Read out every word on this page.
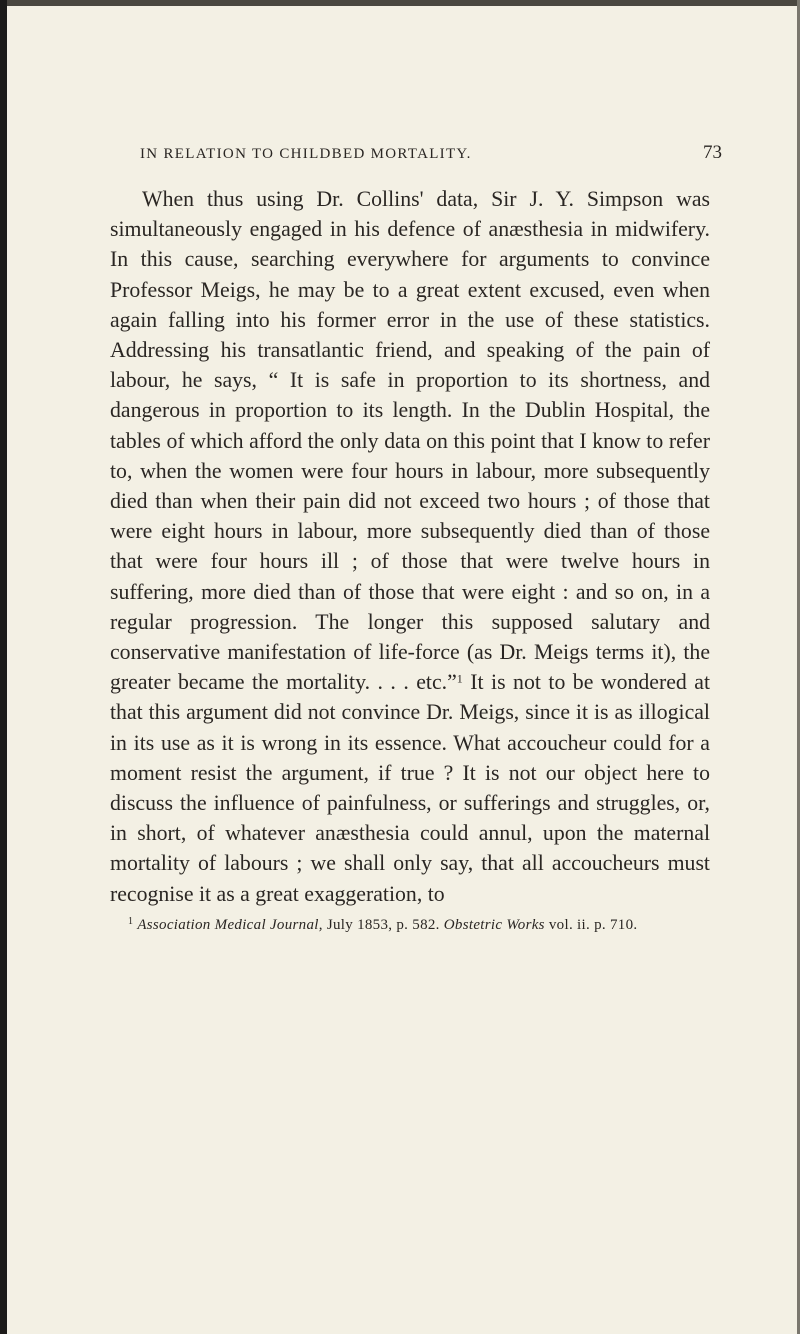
IN RELATION TO CHILDBED MORTALITY.	73

When thus using Dr. Collins' data, Sir J. Y. Simpson was simultaneously engaged in his defence of anæsthesia in midwifery. In this cause, searching everywhere for arguments to convince Professor Meigs, he may be to a great extent excused, even when again falling into his former error in the use of these statistics. Addressing his transatlantic friend, and speaking of the pain of labour, he says, “ It is safe in proportion to its shortness, and dangerous in proportion to its length. In the Dublin Hospital, the tables of which afford the only data on this point that I know to refer to, when the women were four hours in labour, more subsequently died than when their pain did not exceed two hours ; of those that were eight hours in labour, more subsequently died than of those that were four hours ill ; of those that were twelve hours in suffering, more died than of those that were eight : and so on, in a regular progression. The longer this supposed salutary and conservative manifestation of life-force (as Dr. Meigs terms it), the greater became the mortality. . . . etc.”$^1$ It is not to be wondered at that this argument did not convince Dr. Meigs, since it is as illogical in its use as it is wrong in its essence. What accoucheur could for a moment resist the argument, if true ? It is not our object here to discuss the influence of painfulness, or sufferings and struggles, or, in short, of whatever anæsthesia could annul, upon the maternal mortality of labours ; we shall only say, that all accoucheurs must recognise it as a great exaggeration, to

$^1$ Association Medical Journal, July 1853, p. 582. Obstetric Works vol. ii. p. 710.
